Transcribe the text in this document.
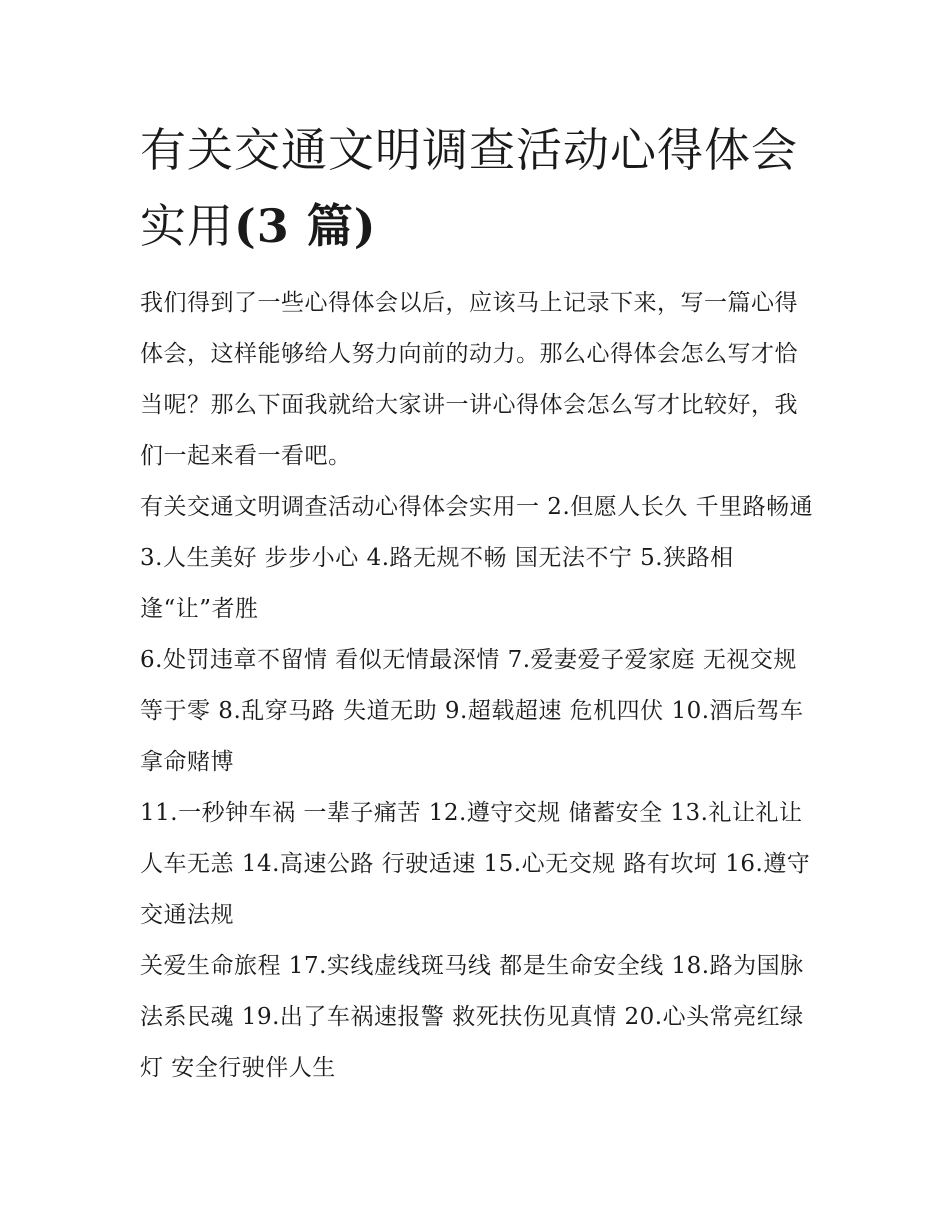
有关交通文明调查活动心得体会实用(3 篇)

我们得到了一些心得体会以后，应该马上记录下来，写一篇心得体会，这样能够给人努力向前的动力。那么心得体会怎么写才恰当呢？那么下面我就给大家讲一讲心得体会怎么写才比较好，我们一起来看一看吧。

有关交通文明调查活动心得体会实用一 2.但愿人长久 千里路畅通 3.人生美好 步步小心 4.路无规不畅 国无法不宁 5.狭路相逢“让”者胜

6.处罚违章不留情 看似无情最深情 7.爱妻爱子爱家庭 无视交规等于零 8.乱穿马路 失道无助 9.超载超速 危机四伏 10.酒后驾车 拿命赌博

11.一秒钟车祸 一辈子痛苦 12.遵守交规 储蓄安全 13.礼让礼让人车无恙 14.高速公路 行驶适速 15.心无交规 路有坎坷 16.遵守交通法规

关爱生命旅程 17.实线虚线斑马线 都是生命安全线 18.路为国脉法系民魂 19.出了车祸速报警 救死扶伤见真情 20.心头常亮红绿灯 安全行驶伴人生
